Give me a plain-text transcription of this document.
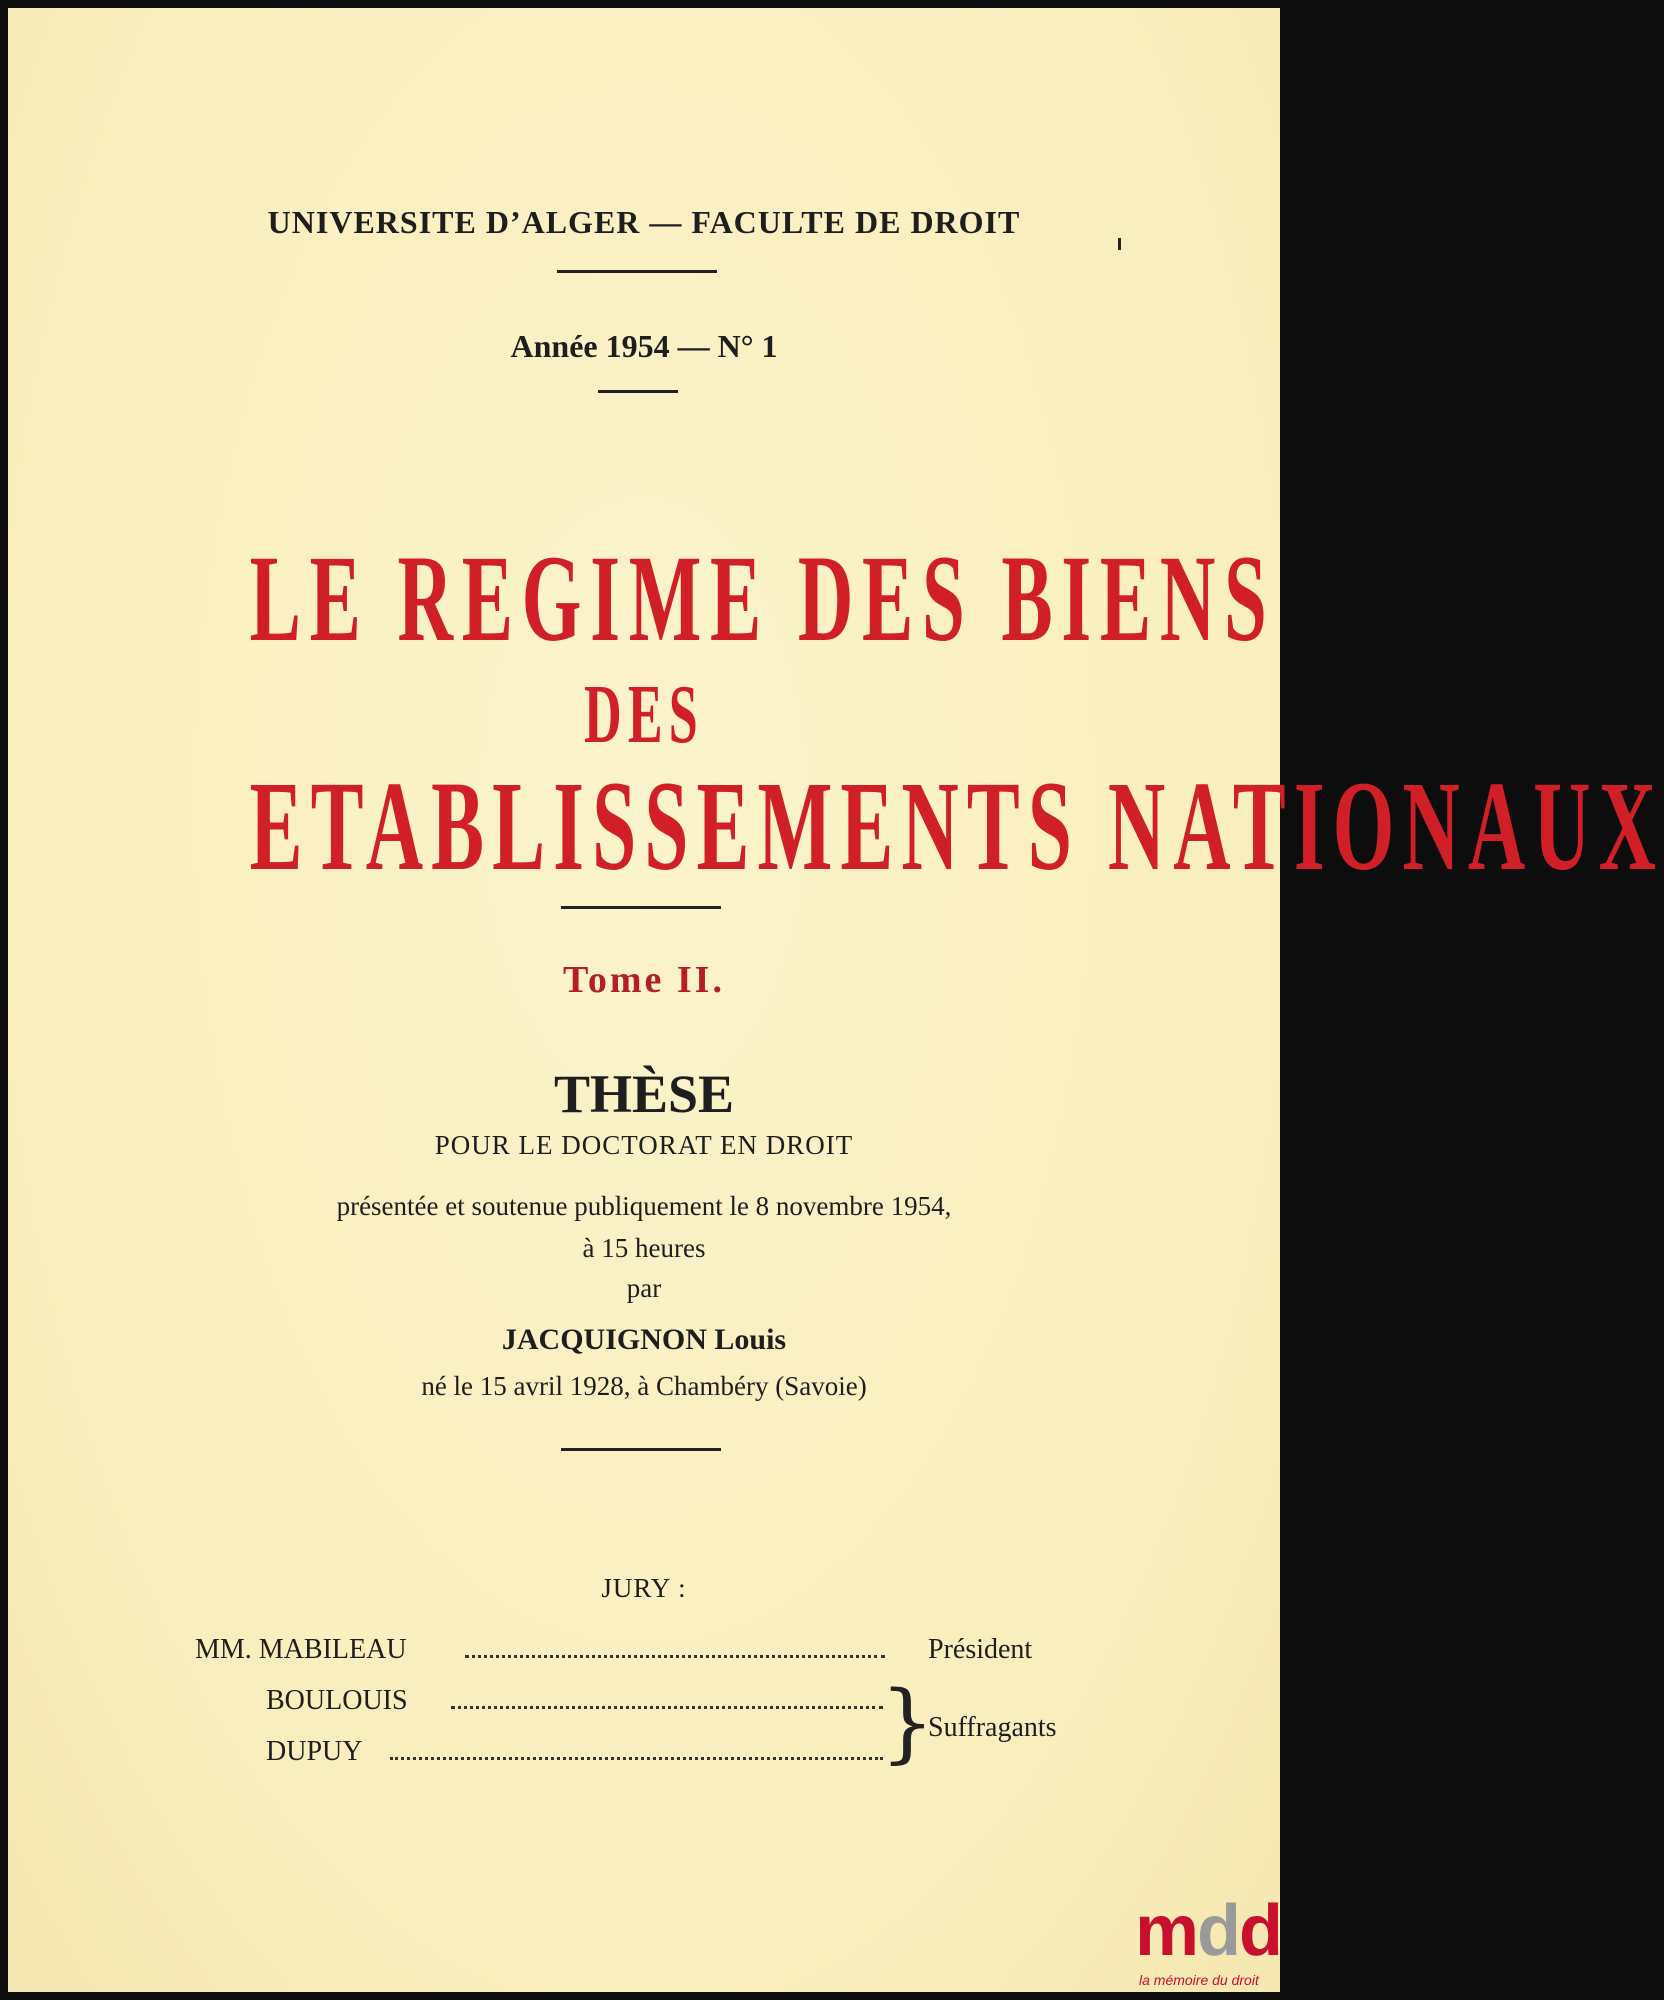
UNIVERSITE D’ALGER — FACULTE DE DROIT
Année 1954 — N° 1
LE REGIME DES BIENS
DES
ETABLISSEMENTS NATIONAUX
Tome II.
THÈSE
POUR LE DOCTORAT EN DROIT
présentée et soutenue publiquement le 8 novembre 1954,
à 15 heures
par
JACQUIGNON Louis
né le 15 avril 1928, à Chambéry (Savoie)
JURY :
MM. MABILEAU	Président
BOULOUIS
DUPUY	}
Suffragants
mdd
la mémoire du droit
